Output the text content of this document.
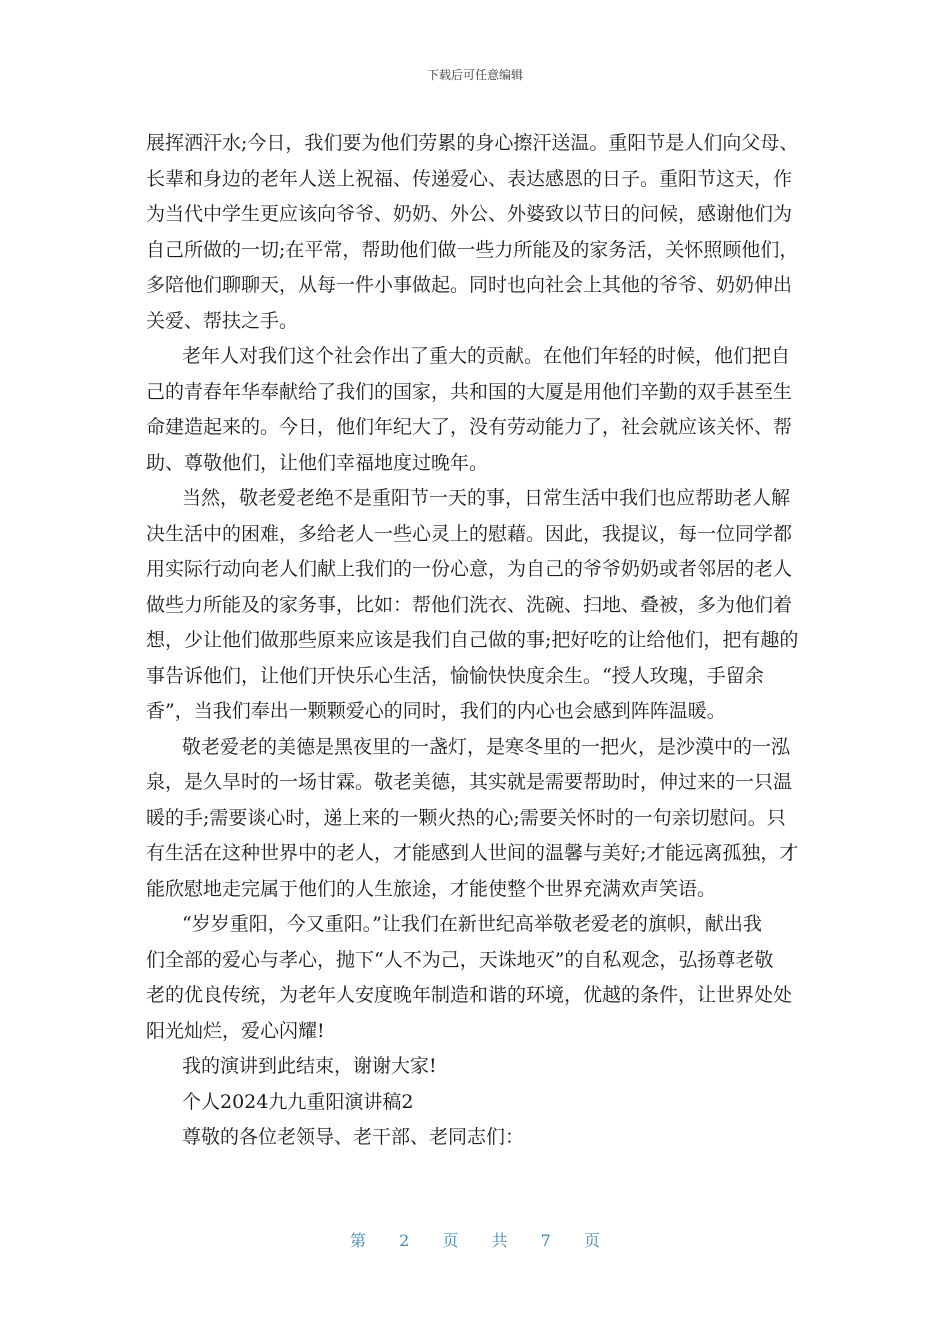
下载后可任意编辑
展挥洒汗水;今日，我们要为他们劳累的身心擦汗送温。重阳节是人们向父母、
长辈和身边的老年人送上祝福、传递爱心、表达感恩的日子。重阳节这天，作
为当代中学生更应该向爷爷、奶奶、外公、外婆致以节日的问候，感谢他们为
自己所做的一切;在平常，帮助他们做一些力所能及的家务活，关怀照顾他们，
多陪他们聊聊天，从每一件小事做起。同时也向社会上其他的爷爷、奶奶伸出
关爱、帮扶之手。
老年人对我们这个社会作出了重大的贡献。在他们年轻的时候，他们把自
己的青春年华奉献给了我们的国家，共和国的大厦是用他们辛勤的双手甚至生
命建造起来的。今日，他们年纪大了，没有劳动能力了，社会就应该关怀、帮
助、尊敬他们，让他们幸福地度过晚年。
当然，敬老爱老绝不是重阳节一天的事，日常生活中我们也应帮助老人解
决生活中的困难，多给老人一些心灵上的慰藉。因此，我提议，每一位同学都
用实际行动向老人们献上我们的一份心意，为自己的爷爷奶奶或者邻居的老人
做些力所能及的家务事，比如：帮他们洗衣、洗碗、扫地、叠被，多为他们着
想，少让他们做那些原来应该是我们自己做的事;把好吃的让给他们，把有趣的
事告诉他们，让他们开快乐心生活，愉愉快快度余生。“授人玫瑰，手留余
香”，当我们奉出一颗颗爱心的同时，我们的内心也会感到阵阵温暖。
敬老爱老的美德是黑夜里的一盏灯，是寒冬里的一把火，是沙漠中的一泓
泉，是久旱时的一场甘霖。敬老美德，其实就是需要帮助时，伸过来的一只温
暖的手;需要谈心时，递上来的一颗火热的心;需要关怀时的一句亲切慰问。只
有生活在这种世界中的老人，才能感到人世间的温馨与美好;才能远离孤独，才
能欣慰地走完属于他们的人生旅途，才能使整个世界充满欢声笑语。
“岁岁重阳，今又重阳。”让我们在新世纪高举敬老爱老的旗帜，献出我
们全部的爱心与孝心，抛下“人不为己，天诛地灭”的自私观念，弘扬尊老敬
老的优良传统，为老年人安度晚年制造和谐的环境，优越的条件，让世界处处
阳光灿烂，爱心闪耀!
我的演讲到此结束，谢谢大家!
个人2024九九重阳演讲稿2
尊敬的各位老领导、老干部、老同志们：
第 2 页 共 7 页
